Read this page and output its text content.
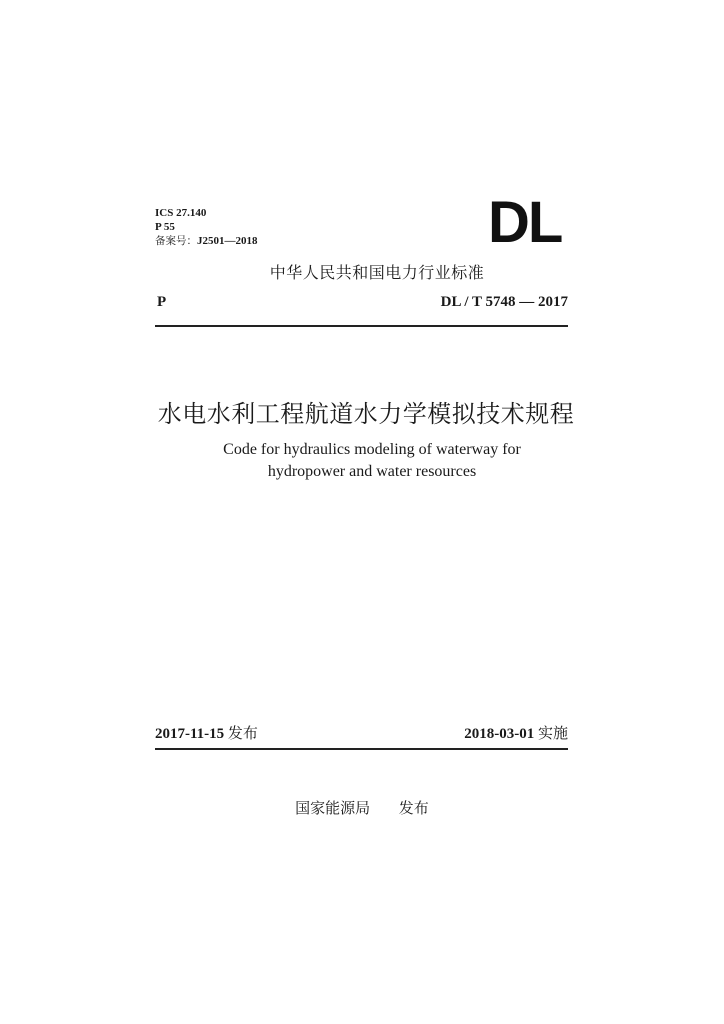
ICS 27.140
P 55
备案号：J2501—2018	DL
中华人民共和国电力行业标准
P	DL / T 5748 — 2017
水电水利工程航道水力学模拟技术规程
Code for hydraulics modeling of waterway for
hydropower and water resources
2017-11-15 发布	2018-03-01 实施
国家能源局 发布
